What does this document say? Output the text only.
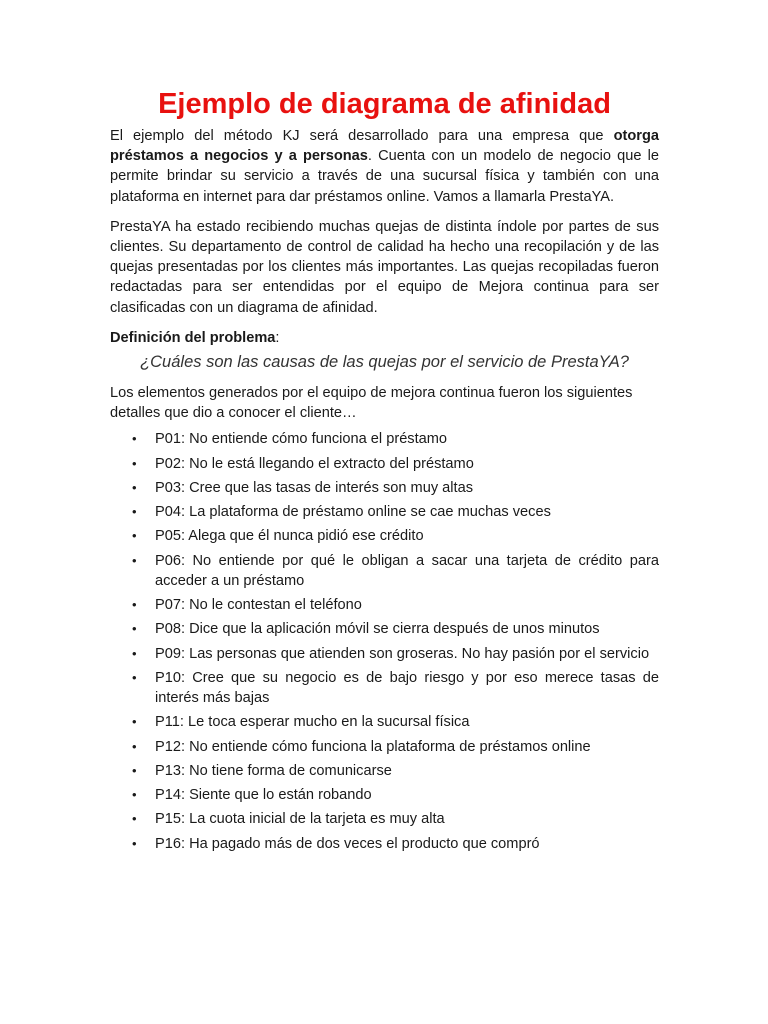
Ejemplo de diagrama de afinidad

El ejemplo del método KJ será desarrollado para una empresa que otorga préstamos a negocios y a personas. Cuenta con un modelo de negocio que le permite brindar su servicio a través de una sucursal física y también con una plataforma en internet para dar préstamos online. Vamos a llamarla PrestaYA.

PrestaYA ha estado recibiendo muchas quejas de distinta índole por partes de sus clientes. Su departamento de control de calidad ha hecho una recopilación y de las quejas presentadas por los clientes más importantes. Las quejas recopiladas fueron redactadas para ser entendidas por el equipo de Mejora continua para ser clasificadas con un diagrama de afinidad.

Definición del problema:

¿Cuáles son las causas de las quejas por el servicio de PrestaYA?

Los elementos generados por el equipo de mejora continua fueron los siguientes detalles que dio a conocer el cliente…

• P01: No entiende cómo funciona el préstamo
• P02: No le está llegando el extracto del préstamo
• P03: Cree que las tasas de interés son muy altas
• P04: La plataforma de préstamo online se cae muchas veces
• P05: Alega que él nunca pidió ese crédito
• P06: No entiende por qué le obligan a sacar una tarjeta de crédito para acceder a un préstamo
• P07: No le contestan el teléfono
• P08: Dice que la aplicación móvil se cierra después de unos minutos
• P09: Las personas que atienden son groseras. No hay pasión por el servicio
• P10: Cree que su negocio es de bajo riesgo y por eso merece tasas de interés más bajas
• P11: Le toca esperar mucho en la sucursal física
• P12: No entiende cómo funciona la plataforma de préstamos online
• P13: No tiene forma de comunicarse
• P14: Siente que lo están robando
• P15: La cuota inicial de la tarjeta es muy alta
• P16: Ha pagado más de dos veces el producto que compró
